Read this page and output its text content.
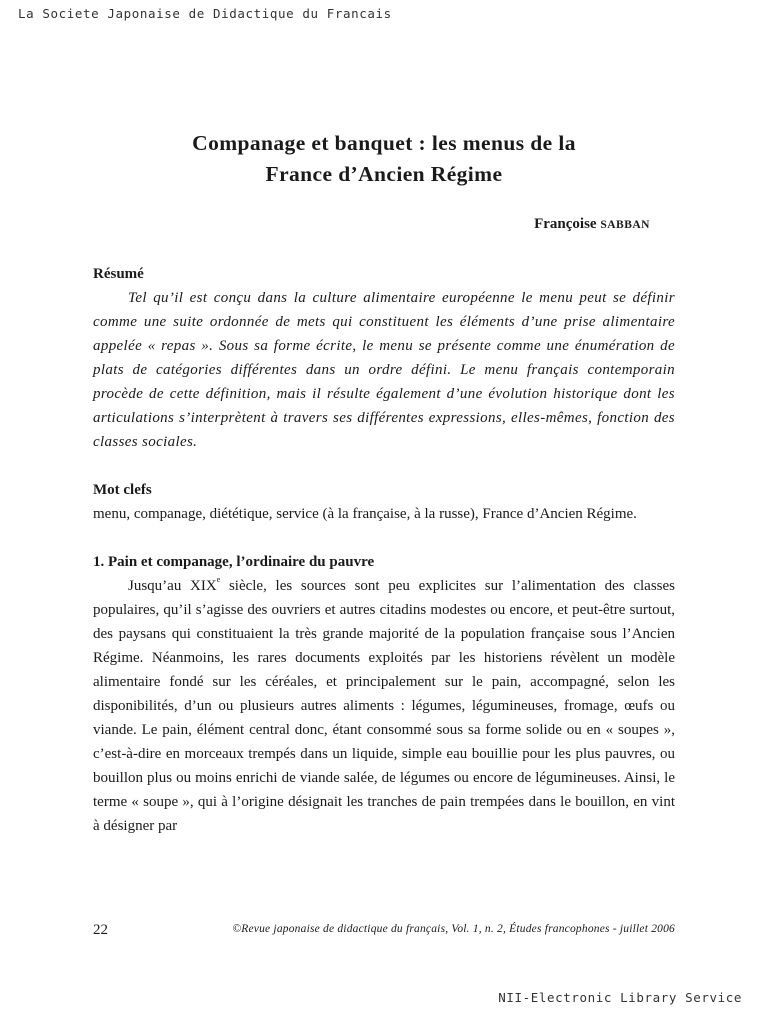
La Societe Japonaise de Didactique du Francais
Companage et banquet : les menus de la
France d’Ancien Régime
Françoise SABBAN
Résumé
Tel qu’il est conçu dans la culture alimentaire européenne le menu peut se définir comme une suite ordonnée de mets qui constituent les éléments d’une prise alimentaire appelée « repas ». Sous sa forme écrite, le menu se présente comme une énumération de plats de catégories différentes dans un ordre défini. Le menu français contemporain procède de cette définition, mais il résulte également d’une évolution historique dont les articulations s’interprètent à travers ses différentes expressions, elles-mêmes, fonction des classes sociales.
Mot clefs
menu, companage, diététique, service (à la française, à la russe), France d’Ancien Régime.
1. Pain et companage, l’ordinaire du pauvre
Jusqu’au XIXe siècle, les sources sont peu explicites sur l’alimentation des classes populaires, qu’il s’agisse des ouvriers et autres citadins modestes ou encore, et peut-être surtout, des paysans qui constituaient la très grande majorité de la population française sous l’Ancien Régime. Néanmoins, les rares documents exploités par les historiens révèlent un modèle alimentaire fondé sur les céréales, et principalement sur le pain, accompagné, selon les disponibilités, d’un ou plusieurs autres aliments : légumes, légumineuses, fromage, œufs ou viande. Le pain, élément central donc, étant consommé sous sa forme solide ou en « soupes », c’est-à-dire en morceaux trempés dans un liquide, simple eau bouillie pour les plus pauvres, ou bouillon plus ou moins enrichi de viande salée, de légumes ou encore de légumineuses. Ainsi, le terme « soupe », qui à l’origine désignait les tranches de pain trempées dans le bouillon, en vint à désigner par
22	©Revue japonaise de didactique du français, Vol. 1, n. 2, Études francophones - juillet 2006
NII-Electronic Library Service
